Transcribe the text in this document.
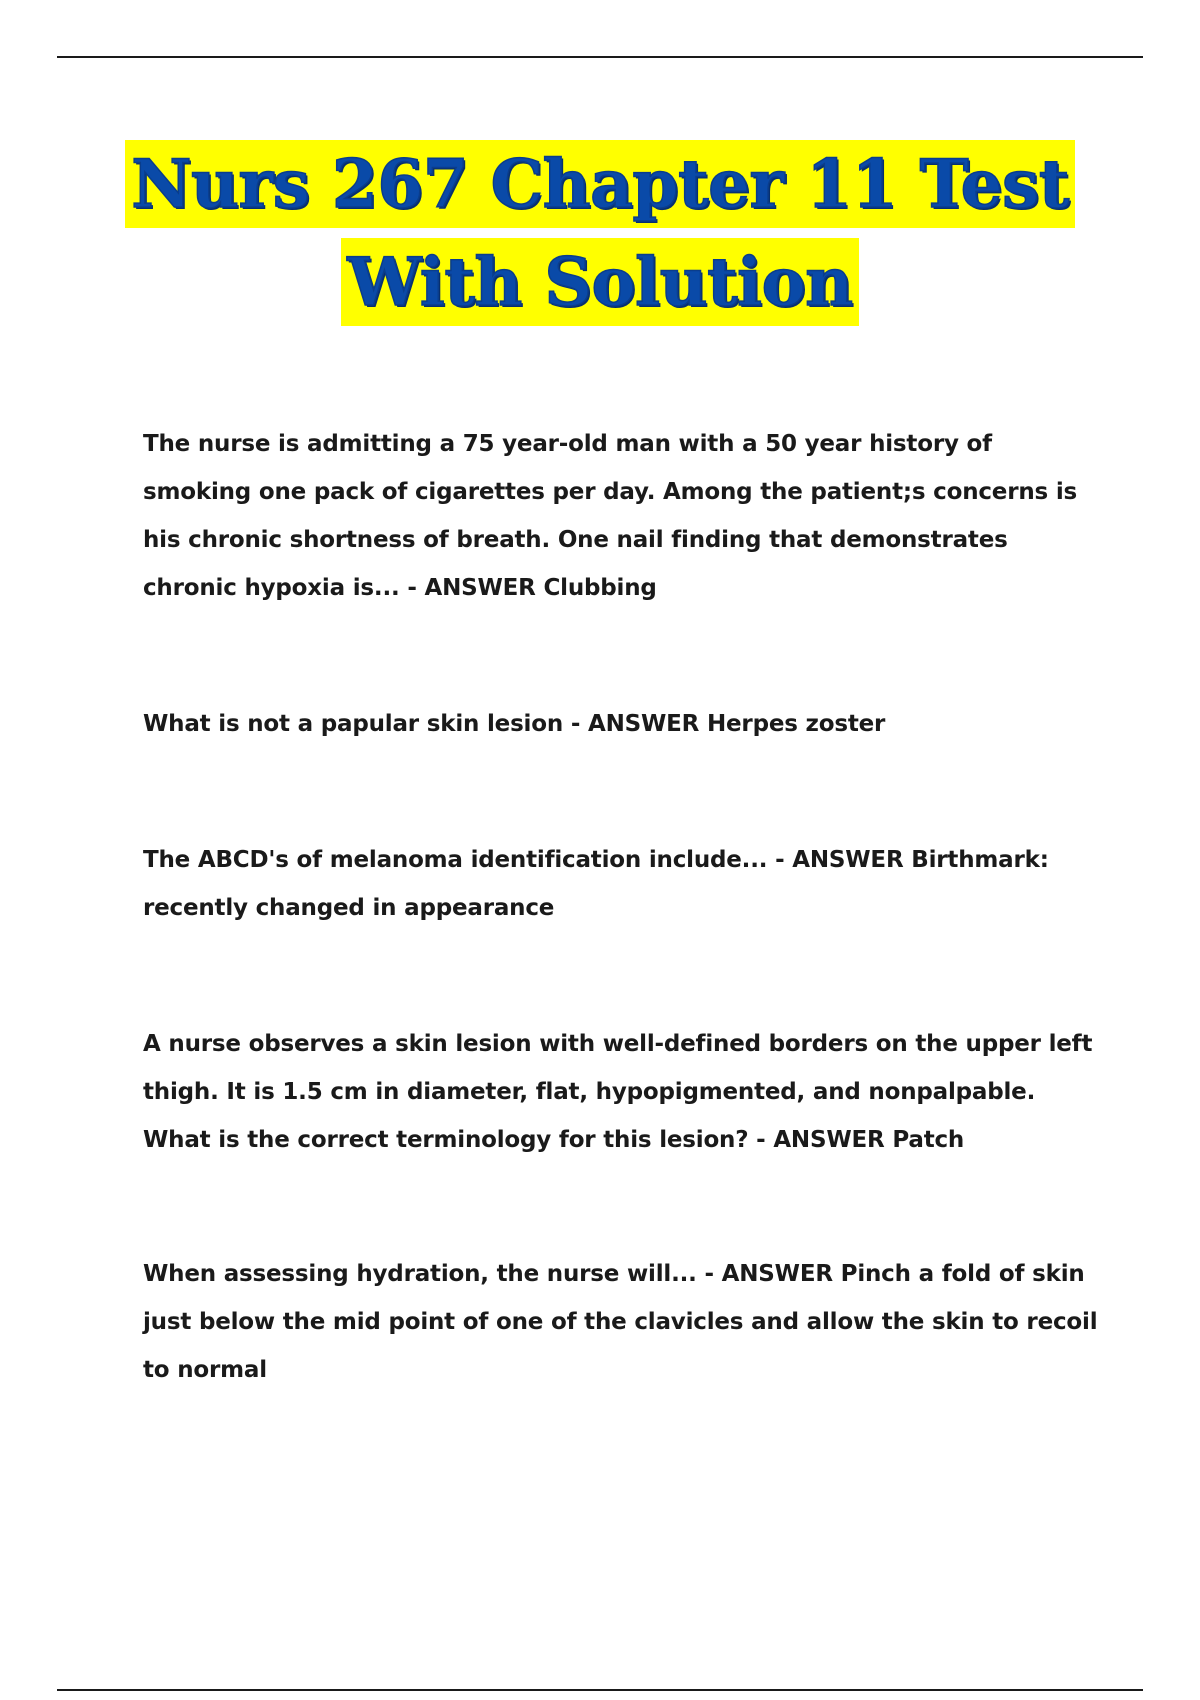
Nurs 267 Chapter 11 Test
With Solution

The nurse is admitting a 75 year-old man with a 50 year history of smoking one pack of cigarettes per day. Among the patient;s concerns is his chronic shortness of breath. One nail finding that demonstrates chronic hypoxia is... - ANSWER Clubbing

What is not a papular skin lesion - ANSWER Herpes zoster

The ABCD's of melanoma identification include... - ANSWER Birthmark: recently changed in appearance

A nurse observes a skin lesion with well-defined borders on the upper left thigh. It is 1.5 cm in diameter, flat, hypopigmented, and nonpalpable. What is the correct terminology for this lesion? - ANSWER Patch

When assessing hydration, the nurse will... - ANSWER Pinch a fold of skin just below the mid point of one of the clavicles and allow the skin to recoil to normal
